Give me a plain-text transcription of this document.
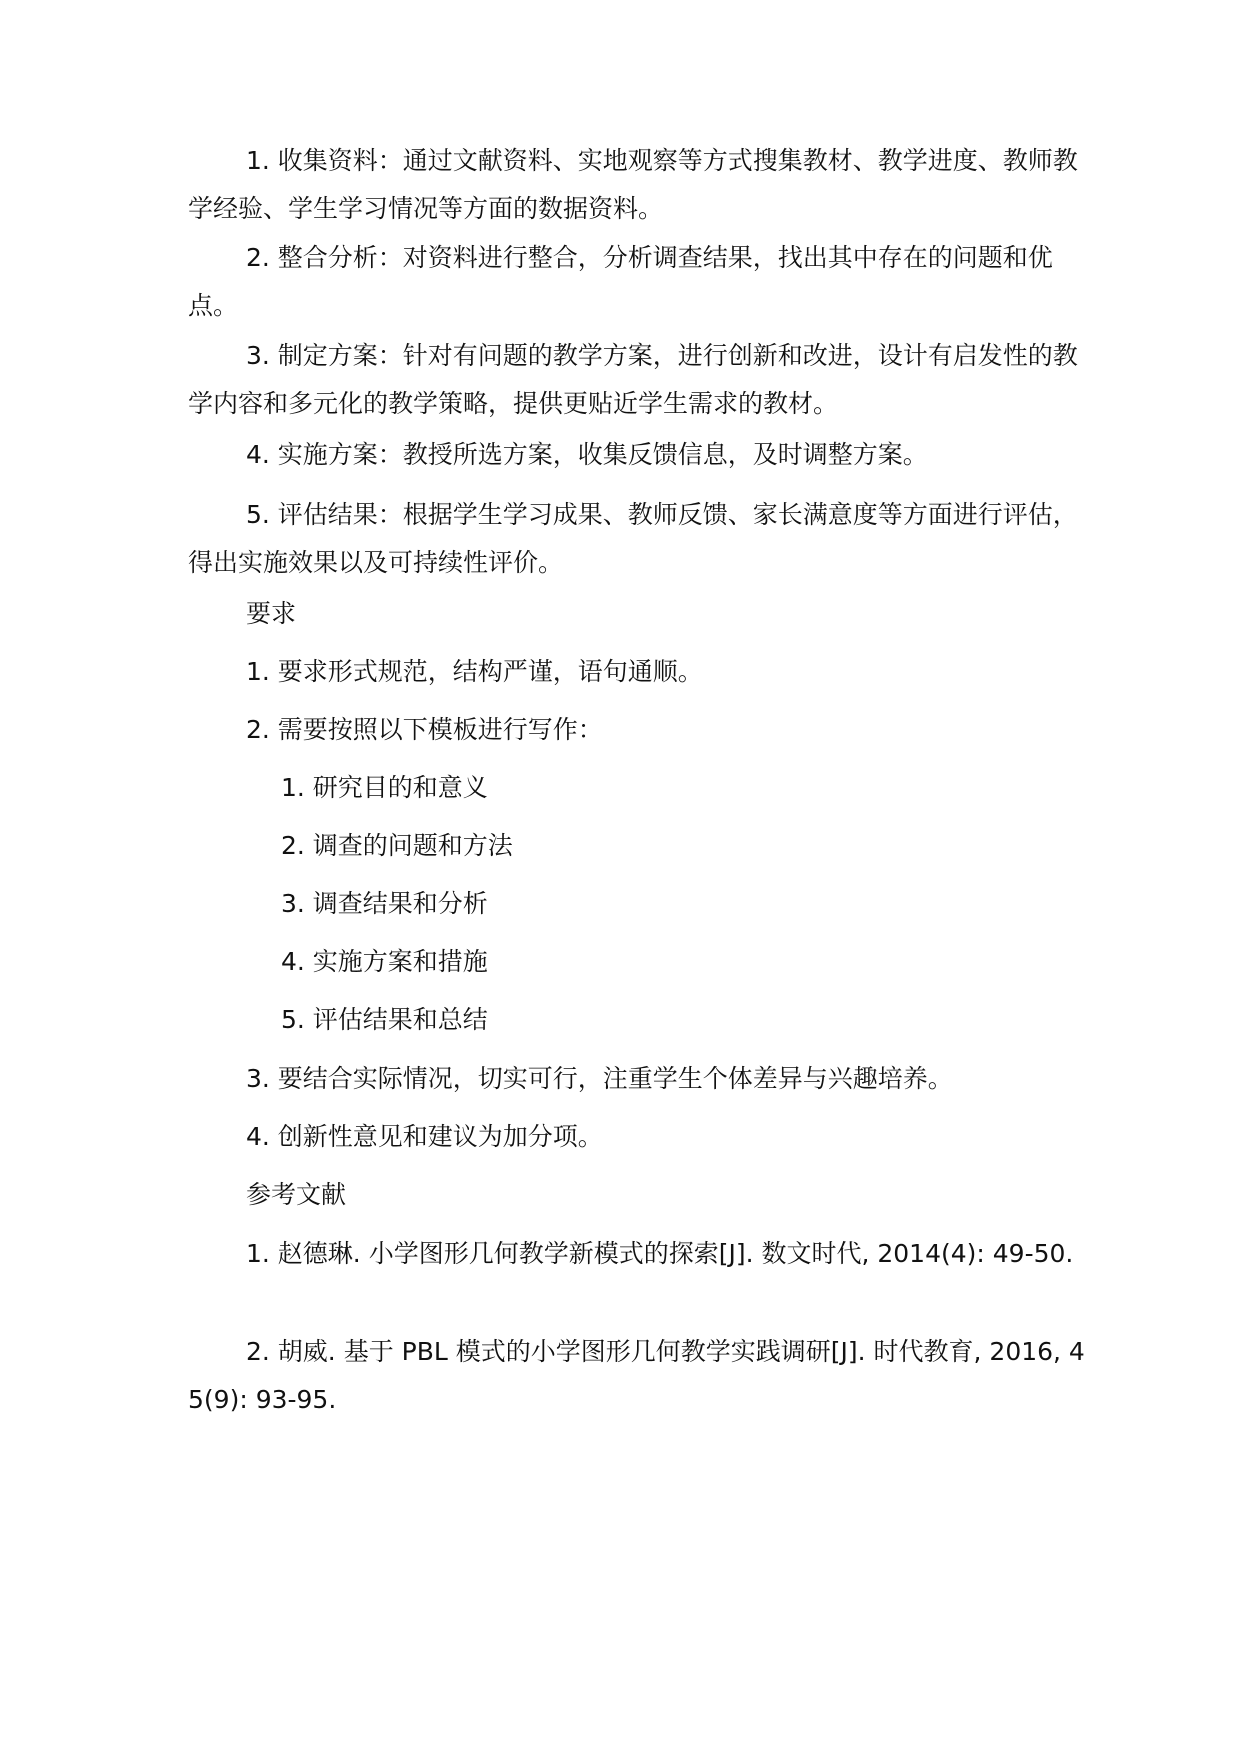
1. 收集资料：通过文献资料、实地观察等方式搜集教材、教学进度、教师教学经验、学生学习情况等方面的数据资料。

2. 整合分析：对资料进行整合，分析调查结果，找出其中存在的问题和优点。

3. 制定方案：针对有问题的教学方案，进行创新和改进，设计有启发性的教学内容和多元化的教学策略，提供更贴近学生需求的教材。

4. 实施方案：教授所选方案，收集反馈信息，及时调整方案。

5. 评估结果：根据学生学习成果、教师反馈、家长满意度等方面进行评估，得出实施效果以及可持续性评价。

要求

1. 要求形式规范，结构严谨，语句通顺。

2. 需要按照以下模板进行写作：

1. 研究目的和意义

2. 调查的问题和方法

3. 调查结果和分析

4. 实施方案和措施

5. 评估结果和总结

3. 要结合实际情况，切实可行，注重学生个体差异与兴趣培养。

4. 创新性意见和建议为加分项。

参考文献

1. 赵德琳. 小学图形几何教学新模式的探索[J]. 数文时代, 2014(4): 49-50.

2. 胡威. 基于 PBL 模式的小学图形几何教学实践调研[J]. 时代教育, 2016, 45(9): 93-95.
